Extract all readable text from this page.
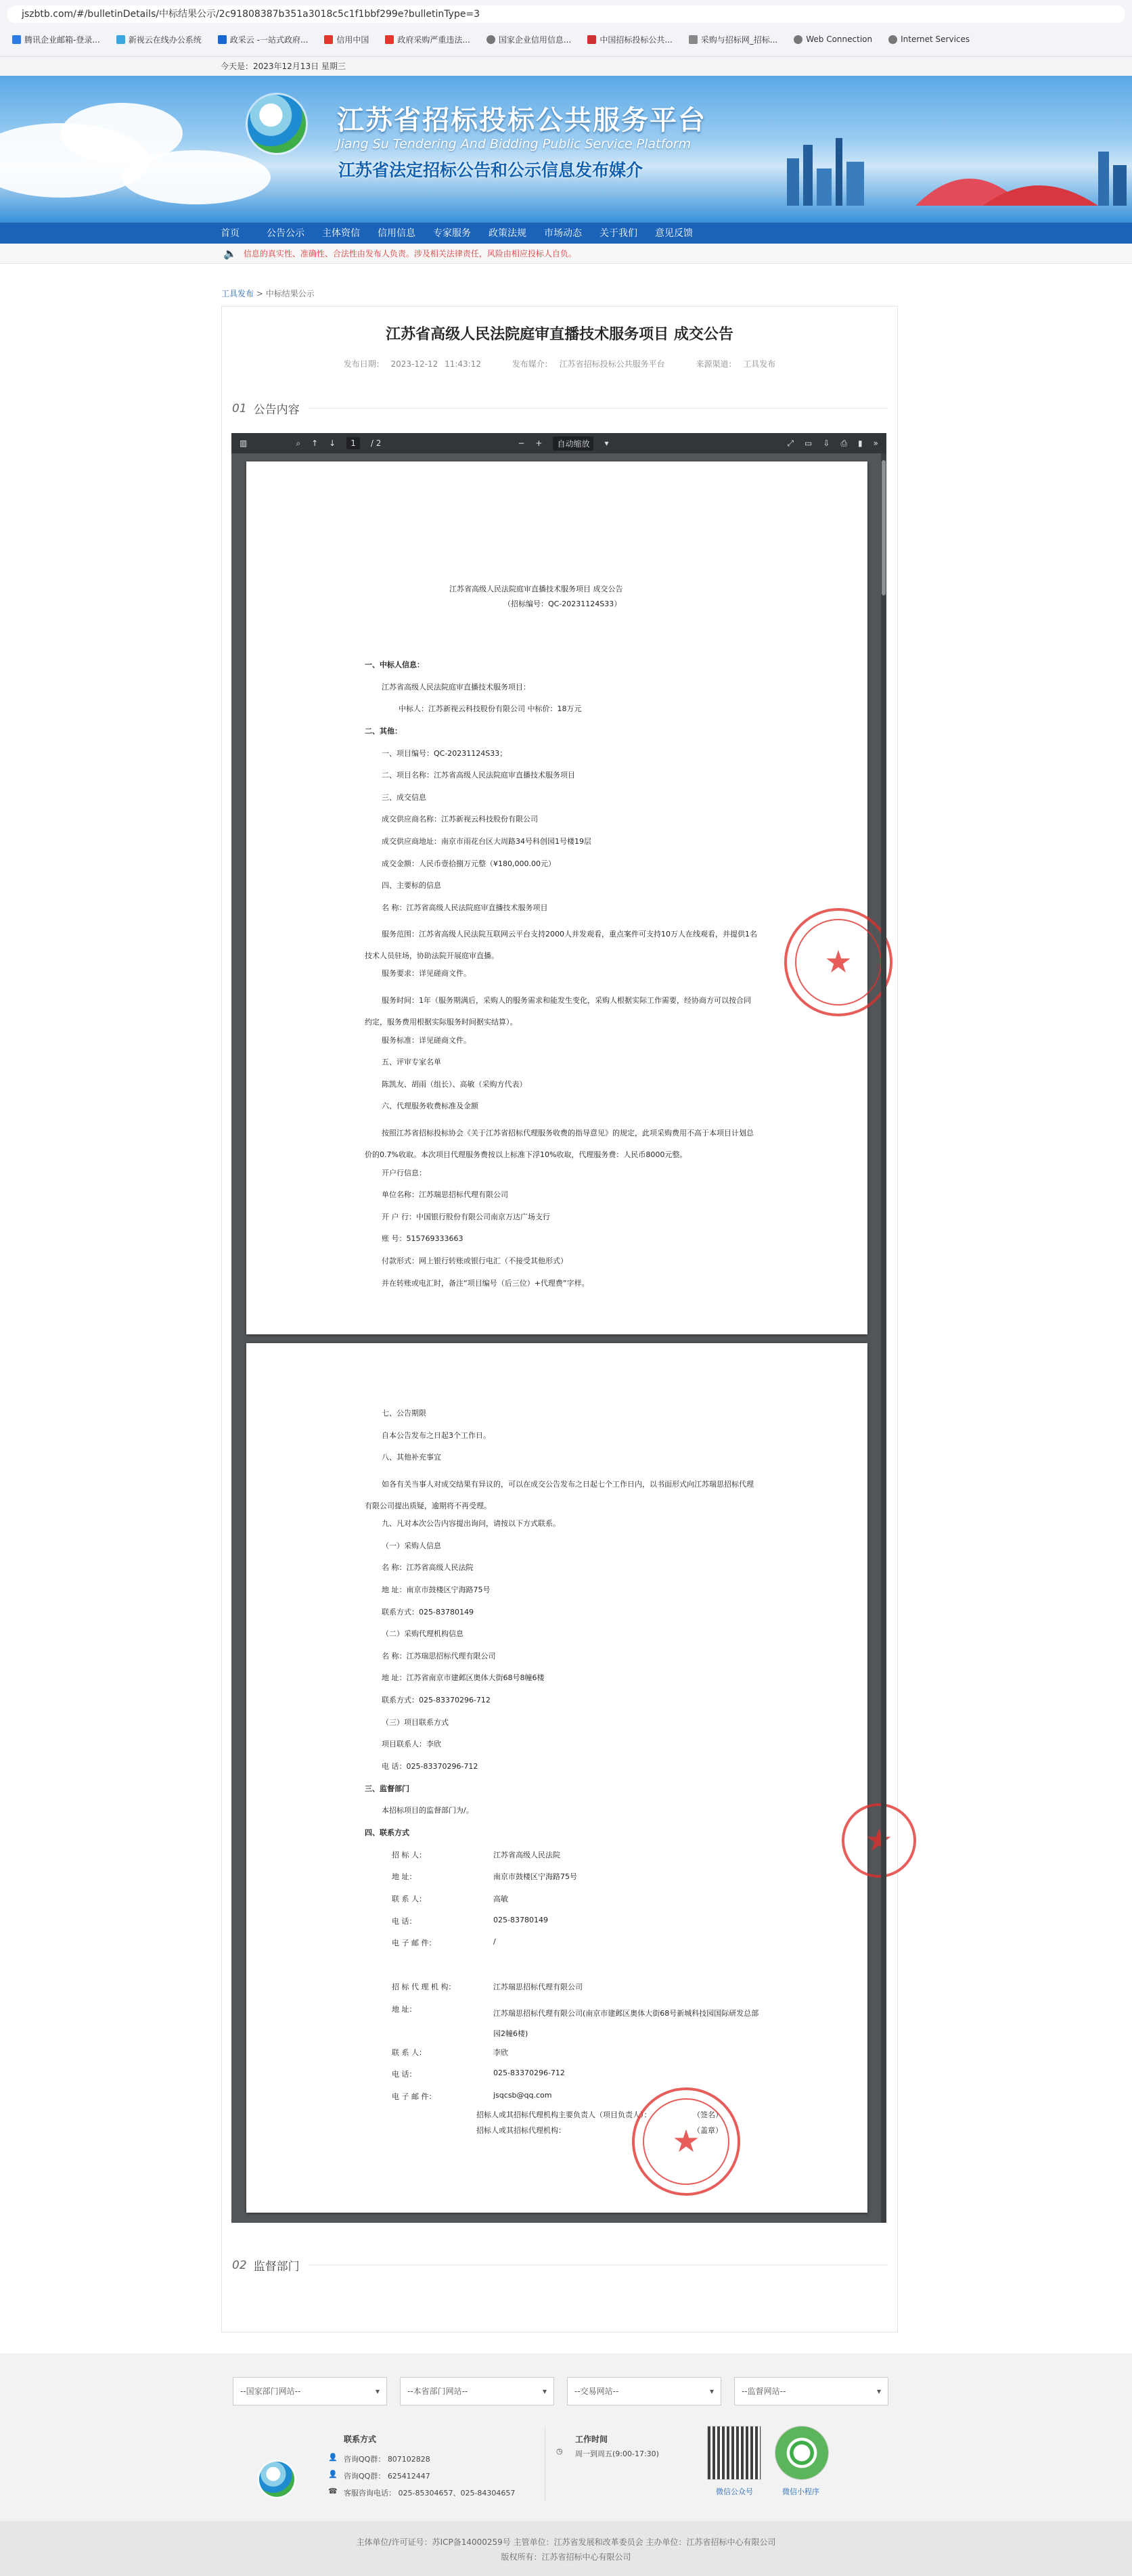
jszbtb.com/#/bulletinDetails/中标结果公示/2c91808387b351a3018c5c1f1bbf299e?bulletinType=3
腾讯企业邮箱-登录...	新视云在线办公系统	政采云 -一站式政府...	信用中国	政府采购严重违法...	国家企业信用信息...	中国招标投标公共...	采购与招标网_招标...	Web Connection	Internet Services
今天是：2023年12月13日 星期三
江苏省招标投标公共服务平台
Jiang Su Tendering And Bidding Public Service Platform
江苏省法定招标公告和公示信息发布媒介
首页	公告公示	主体资信	信用信息	专家服务	政策法规	市场动态	关于我们	意见反馈
🔈 信息的真实性、准确性、合法性由发布人负责。涉及相关法律责任，风险由相应投标人自负。
工具发布 > 中标结果公示
江苏省高级人民法院庭审直播技术服务项目 成交公告
发布日期： 2023-12-12 11:43:12	发布媒介： 江苏省招标投标公共服务平台	来源渠道： 工具发布
01 公告内容
02 监督部门
▥	⌕ ↑ ↓	1	/ 2	− +	自动缩放	▾	⤢ ▭ ⇩ ⎙ ▮ »
江苏省高级人民法院庭审直播技术服务项目 成交公告
（招标编号：QC-20231124S33）
一、中标人信息：
江苏省高级人民法院庭审直播技术服务项目：
中标人：江苏新视云科技股份有限公司 中标价：18万元
二、其他：
一、项目编号：QC-20231124S33；
二、项目名称：江苏省高级人民法院庭审直播技术服务项目
三、成交信息
成交供应商名称：江苏新视云科技股份有限公司
成交供应商地址：南京市雨花台区大周路34号科创园1号楼19层
成交金额：人民币壹拾捌万元整（¥180,000.00元）
四、主要标的信息
名 称：江苏省高级人民法院庭审直播技术服务项目
服务范围：江苏省高级人民法院互联网云平台支持2000人并发观看，重点案件可支持10万人在线观看，并提供1名技术人员驻场，协助法院开展庭审直播。
服务要求：详见磋商文件。
服务时间：1年（服务期满后，采购人的服务需求和能发生变化，采购人根据实际工作需要，经协商方可以按合同约定，服务费用根据实际服务时间据实结算）。
服务标准：详见磋商文件。
五、评审专家名单
陈凯友、胡雨（组长）、高敏（采购方代表）
六、代理服务收费标准及金额
按照江苏省招标投标协会《关于江苏省招标代理服务收费的指导意见》的规定，此项采购费用不高于本项目计划总价的0.7%收取。本次项目代理服务费按以上标准下浮10%收取，代理服务费：人民币8000元整。
开户行信息：
单位名称：江苏瑞思招标代理有限公司
开 户 行：中国银行股份有限公司南京万达广场支行
账 号：515769333663
付款形式：网上银行转账或银行电汇（不接受其他形式）
并在转账或电汇时，备注“项目编号（后三位）+代理费”字样。
★
七、公告期限
自本公告发布之日起3个工作日。
八、其他补充事宜
如各有关当事人对成交结果有异议的，可以在成交公告发布之日起七个工作日内，以书面形式向江苏瑞思招标代理有限公司提出质疑，逾期将不再受理。
九、凡对本次公告内容提出询问，请按以下方式联系。
（一）采购人信息
名 称：江苏省高级人民法院
地 址：南京市鼓楼区宁海路75号
联系方式：025-83780149
（二）采购代理机构信息
名 称：江苏瑞思招标代理有限公司
地 址：江苏省南京市建邺区奥体大街68号8幢6楼
联系方式：025-83370296-712
（三）项目联系方式
项目联系人：李欣
电 话：025-83370296-712
三、监督部门
本招标项目的监督部门为/。
四、联系方式
招 标 人：	江苏省高级人民法院
地 址：	南京市鼓楼区宁海路75号
联 系 人：	高敏
电 话：	025-83780149
电 子 邮 件：	/
招 标 代 理 机 构：	江苏瑞思招标代理有限公司
地 址：	江苏瑞思招标代理有限公司(南京市建邺区奥体大街68号新城科技园国际研发总部园2幢6楼)
联 系 人：	李欣
电 话：	025-83370296-712
电 子 邮 件：	jsqcsb@qq.com
招标人或其招标代理机构主要负责人（项目负责人）：	（签名）
招标人或其招标代理机构：	（盖章）
★
★
--国家部门网站-- ▾	--本省部门网站-- ▾	--交易网站-- ▾	--监督网站-- ▾
联系方式
👤 咨询QQ群： 807102828
👤 咨询QQ群： 625412447
☎ 客服咨询电话： 025-85304657、025-84304657
工作时间
◷ 周一到周五(9:00-17:30)
微信公众号	微信小程序
主体单位/许可证号：苏ICP备14000259号 主管单位：江苏省发展和改革委员会 主办单位：江苏省招标中心有限公司
版权所有：江苏省招标中心有限公司
